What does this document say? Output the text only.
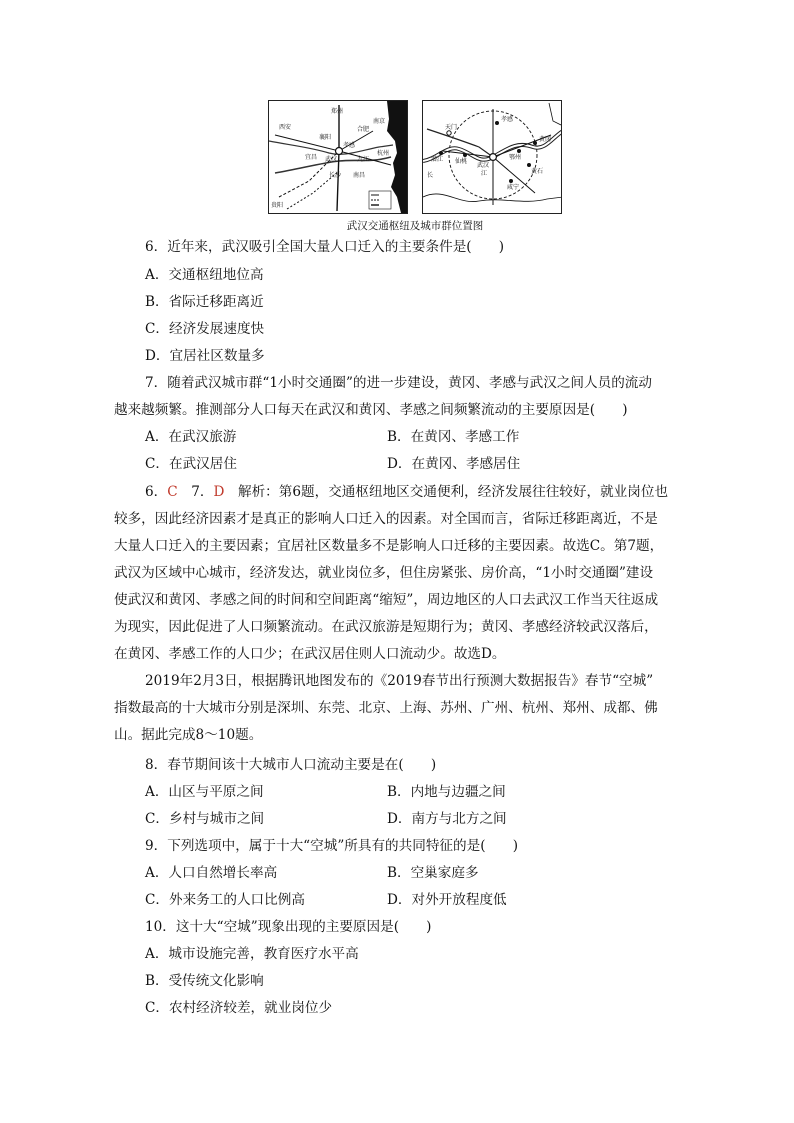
郑州
西安	合肥
襄阳
南京
杭州
宜昌 武汉
孝感
九江
长沙 南昌
贵阳
孝感
天门
潜江 仙桃
武汉
鄂州
黄冈
黄石
咸宁
长	江
武汉交通枢纽及城市群位置图
6．近年来，武汉吸引全国大量人口迁入的主要条件是(　　)
A．交通枢纽地位高
B．省际迁移距离近
C．经济发展速度快
D．宜居社区数量多
7．随着武汉城市群“1小时交通圈”的进一步建设，黄冈、孝感与武汉之间人员的流动
越来越频繁。推测部分人口每天在武汉和黄冈、孝感之间频繁流动的主要原因是(　　)
A．在武汉旅游	B．在黄冈、孝感工作
C．在武汉居住	D．在黄冈、孝感居住
6．C　7．D　解析：第6题，交通枢纽地区交通便利，经济发展往往较好，就业岗位也
较多，因此经济因素才是真正的影响人口迁入的因素。对全国而言，省际迁移距离近，不是
大量人口迁入的主要因素；宜居社区数量多不是影响人口迁移的主要因素。故选C。第7题，
武汉为区域中心城市，经济发达，就业岗位多，但住房紧张、房价高，“1小时交通圈”建设
使武汉和黄冈、孝感之间的时间和空间距离“缩短”，周边地区的人口去武汉工作当天往返成
为现实，因此促进了人口频繁流动。在武汉旅游是短期行为；黄冈、孝感经济较武汉落后，
在黄冈、孝感工作的人口少；在武汉居住则人口流动少。故选D。
2019年2月3日，根据腾讯地图发布的《2019春节出行预测大数据报告》春节“空城”
指数最高的十大城市分别是深圳、东莞、北京、上海、苏州、广州、杭州、郑州、成都、佛
山。据此完成8～10题。
8．春节期间该十大城市人口流动主要是在(　　)
A．山区与平原之间	B．内地与边疆之间
C．乡村与城市之间	D．南方与北方之间
9．下列选项中，属于十大“空城”所具有的共同特征的是(　　)
A．人口自然增长率高	B．空巢家庭多
C．外来务工的人口比例高	D．对外开放程度低
10．这十大“空城”现象出现的主要原因是(　　)
A．城市设施完善，教育医疗水平高
B．受传统文化影响
C．农村经济较差，就业岗位少
